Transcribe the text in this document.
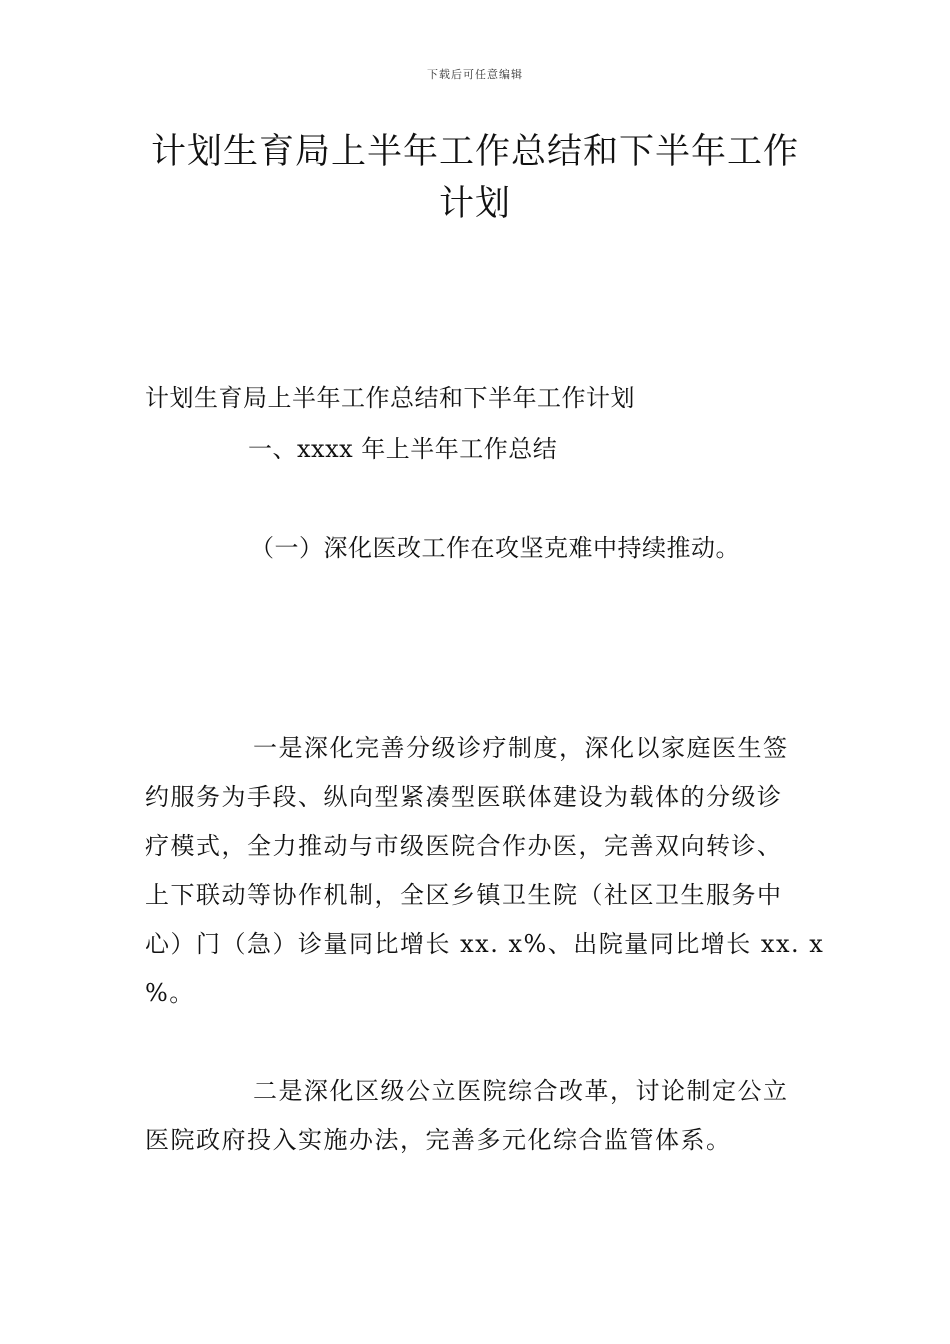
下载后可任意编辑
计划生育局上半年工作总结和下半年工作
计划
计划生育局上半年工作总结和下半年工作计划
一、xxxx 年上半年工作总结
（一）深化医改工作在攻坚克难中持续推动。
一是深化完善分级诊疗制度，深化以家庭医生签
约服务为手段、纵向型紧凑型医联体建设为载体的分级诊
疗模式，全力推动与市级医院合作办医，完善双向转诊、
上下联动等协作机制，全区乡镇卫生院（社区卫生服务中
心）门（急）诊量同比增长 xx. x%、出院量同比增长 xx. x
%。
二是深化区级公立医院综合改革，讨论制定公立
医院政府投入实施办法，完善多元化综合监管体系。
